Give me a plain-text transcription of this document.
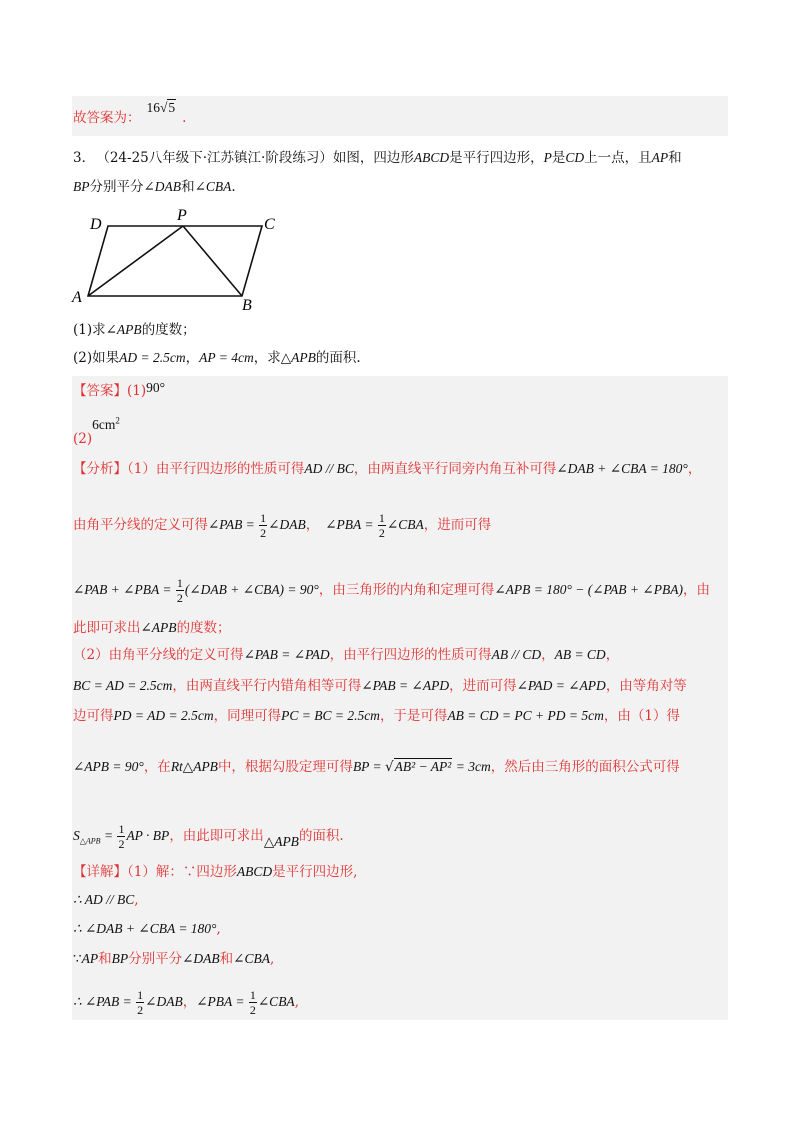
故答案为：16√5.
3． （24-25八年级下·江苏镇江·阶段练习）如图，四边形ABCD是平行四边形，P是CD上一点，且AP和
BP分别平分∠DAB和∠CBA.
D
P
C
A	B
(1)求∠APB的度数；
(2)如果AD = 2.5cm，AP = 4cm，求△APB的面积.
【答案】(1)90°
$(2)6cm^2$
【分析】（1）由平行四边形的性质可得AD // BC，由两直线平行同旁内角互补可得∠DAB + ∠CBA = 180°，
由角平分线的定义可得∠PAB = $\frac{1}{2}$ ∠DAB， ∠PBA = $\frac{1}{2}$ ∠CBA，进而可得
∠PAB + ∠PBA = $\frac{1}{2}$ (∠DAB + ∠CBA) = 90°，由三角形的内角和定理可得∠APB = 180° − (∠PAB + ∠PBA)，由
此即可求出∠APB的度数；
（2）由角平分线的定义可得∠PAB = ∠PAD，由平行四边形的性质可得AB // CD，AB = CD，
BC = AD = 2.5cm，由两直线平行内错角相等可得∠PAB = ∠APD，进而可得∠PAD = ∠APD，由等角对等
边可得PD = AD = 2.5cm，同理可得PC = BC = 2.5cm，于是可得AB = CD = PC + PD = 5cm，由（1）得
∠APB = 90°，在Rt△APB中，根据勾股定理可得BP = √AB² − AP² = 3cm，然后由三角形的面积公式可得
$S_{\triangle APB} = \frac{1}{2}$ AP · BP，由此即可求出△APB的面积.
【详解】（1）解：∵四边形ABCD是平行四边形,
∴ AD // BC,
∴ ∠DAB + ∠CBA = 180°,
∵AP和BP分别平分∠DAB和∠CBA,
∴ ∠PAB = $\frac{1}{2}$ ∠DAB，∠PBA = $\frac{1}{2}$ ∠CBA,
